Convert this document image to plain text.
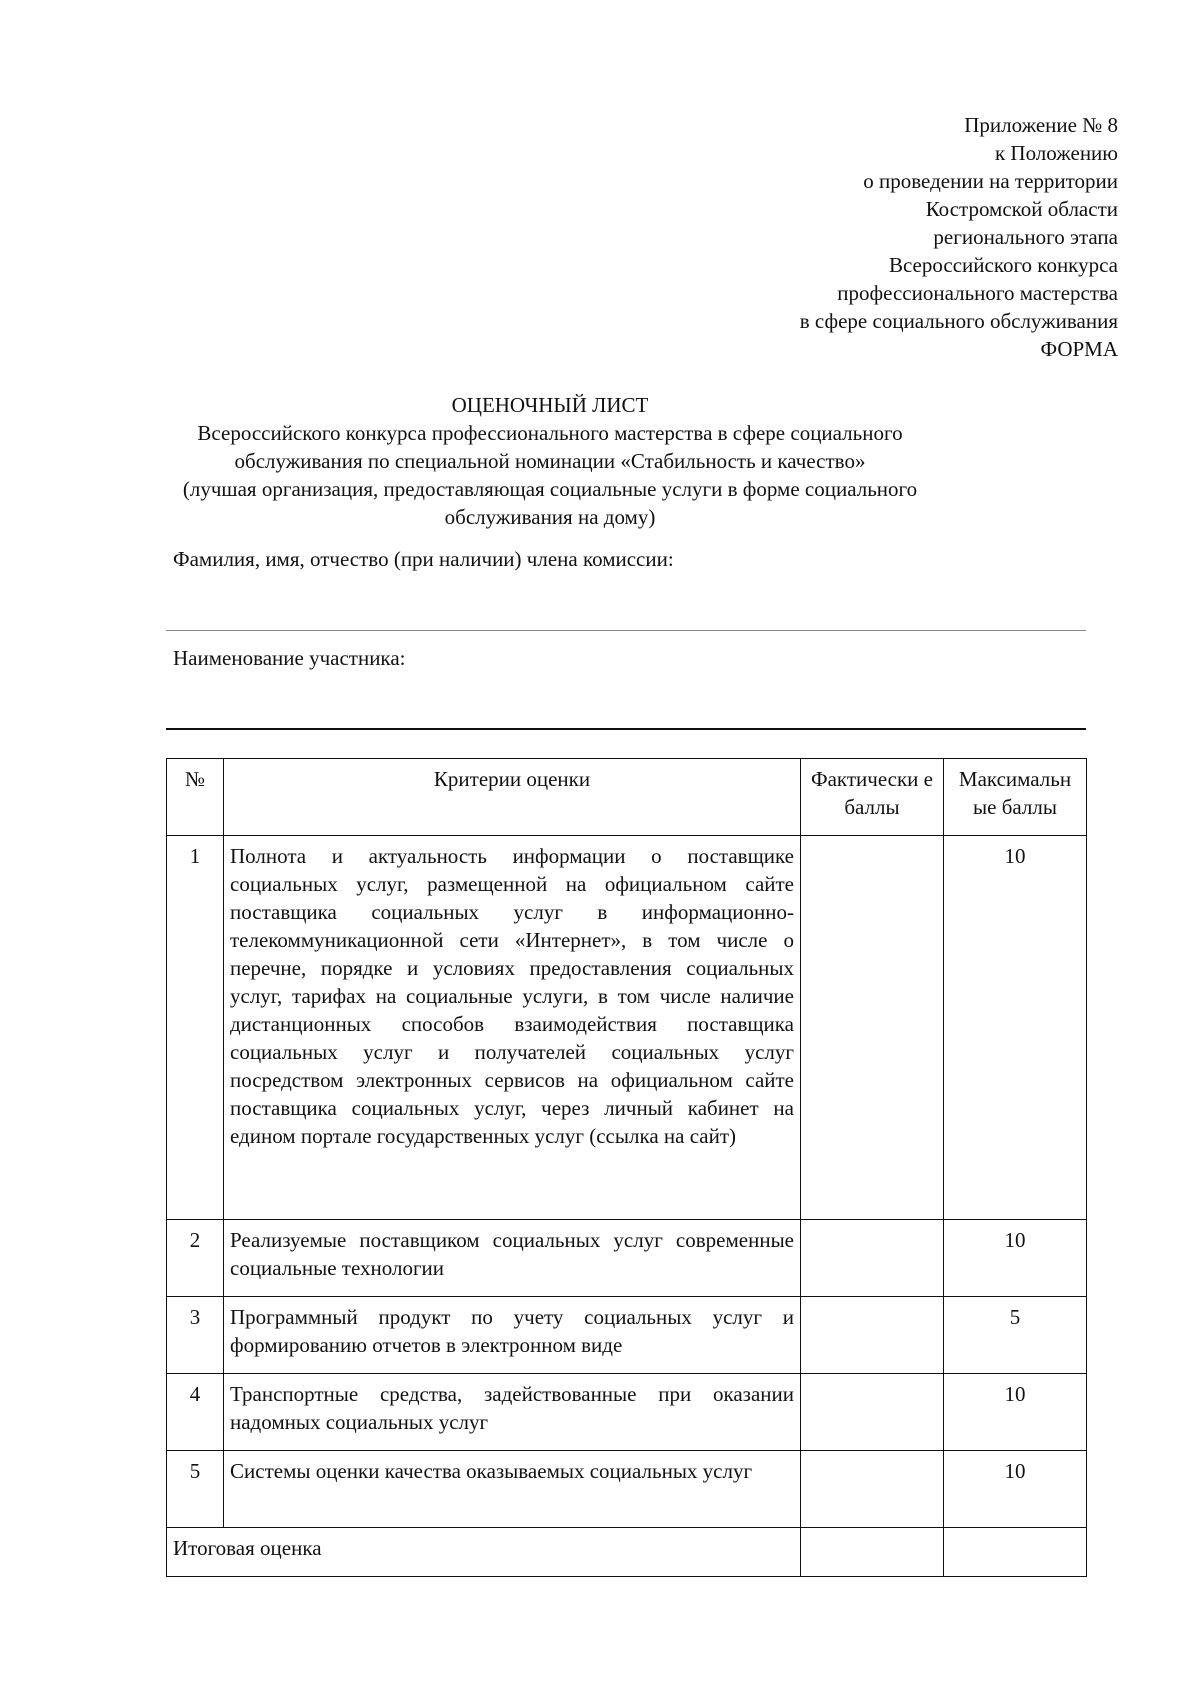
Приложение № 8
к Положению
о проведении на территории
Костромской области
регионального этапа
Всероссийского конкурса
профессионального мастерства
в сфере социального обслуживания
ФОРМА
ОЦЕНОЧНЫЙ ЛИСТ
Всероссийского конкурса профессионального мастерства в сфере социального
обслуживания по специальной номинации «Стабильность и качество»
(лучшая организация, предоставляющая социальные услуги в форме социального
обслуживания на дому)
Фамилия, имя, отчество (при наличии) члена комиссии:
Наименование участника:
№	Критерии оценки	Фактически е баллы	Максимальн ые баллы
1	Полнота и актуальность информации о поставщике социальных услуг, размещенной на официальном сайте поставщика социальных услуг в информационно-телекоммуникационной сети «Интернет», в том числе о перечне, порядке и условиях предоставления социальных услуг, тарифах на социальные услуги, в том числе наличие дистанционных способов взаимодействия поставщика социальных услуг и получателей социальных услуг посредством электронных сервисов на официальном сайте поставщика социальных услуг, через личный кабинет на едином портале государственных услуг (ссылка на сайт)		10
2	Реализуемые поставщиком социальных услуг современные социальные технологии		10
3	Программный продукт по учету социальных услуг и формированию отчетов в электронном виде		5
4	Транспортные средства, задействованные при оказании надомных социальных услуг		10
5	Системы оценки качества оказываемых социальных услуг		10
Итоговая оценка			
